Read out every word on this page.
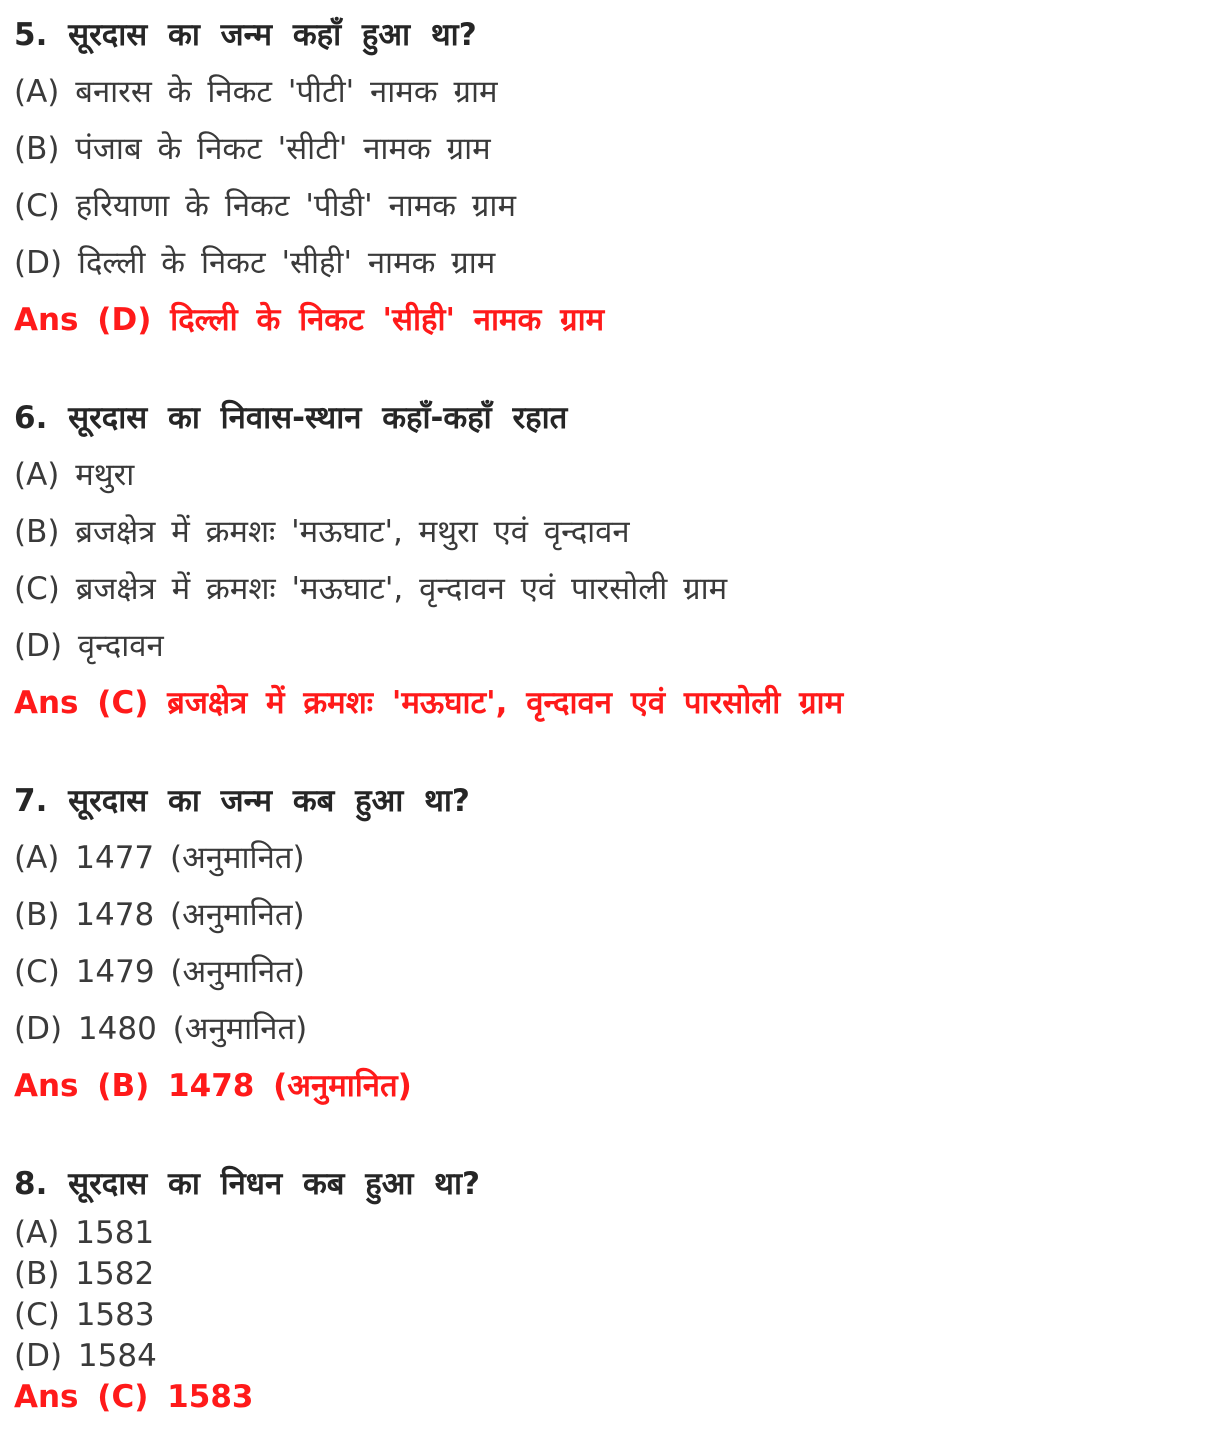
5. सूरदास का जन्म कहाँ हुआ था?
(A) बनारस के निकट 'पीटी' नामक ग्राम
(B) पंजाब के निकट 'सीटी' नामक ग्राम
(C) हरियाणा के निकट 'पीडी' नामक ग्राम
(D) दिल्ली के निकट 'सीही' नामक ग्राम
Ans (D) दिल्ली के निकट 'सीही' नामक ग्राम
6. सूरदास का निवास-स्थान कहाँ-कहाँ रहात
(A) मथुरा
(B) ब्रजक्षेत्र में क्रमशः 'मऊघाट', मथुरा एवं वृन्दावन
(C) ब्रजक्षेत्र में क्रमशः 'मऊघाट', वृन्दावन एवं पारसोली ग्राम
(D) वृन्दावन
Ans (C) ब्रजक्षेत्र में क्रमशः 'मऊघाट', वृन्दावन एवं पारसोली ग्राम
7. सूरदास का जन्म कब हुआ था?
(A) 1477 (अनुमानित)
(B) 1478 (अनुमानित)
(C) 1479 (अनुमानित)
(D) 1480 (अनुमानित)
Ans (B) 1478 (अनुमानित)
8. सूरदास का निधन कब हुआ था?
(A) 1581
(B) 1582
(C) 1583
(D) 1584
Ans (C) 1583
